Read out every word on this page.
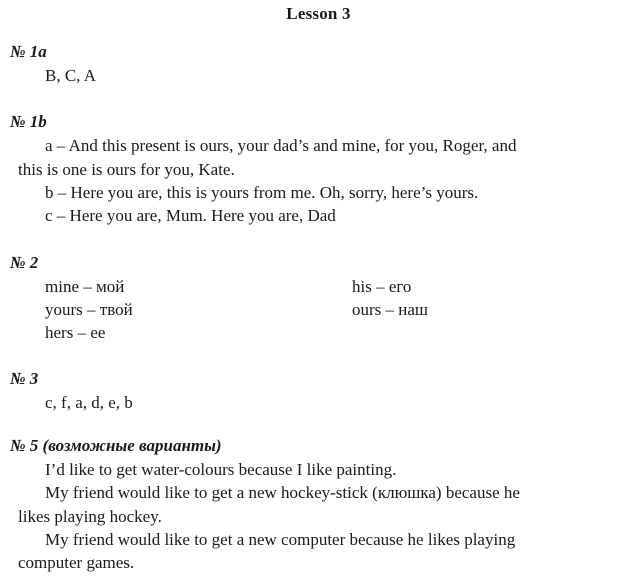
Lesson 3
№ 1a
B, C, A
№ 1b
a – And this present is ours, your dad’s and mine, for you, Roger, and
this is one is ours for you, Kate.
b – Here you are, this is yours from me. Oh, sorry, here’s yours.
c – Here you are, Mum. Here you are, Dad
№ 2
mine – мой
yours – твой
hers – ее
his – его
ours – наш
№ 3
c, f, a, d, e, b
№ 5 (возможные варианты)
I’d like to get water-colours because I like painting.
My friend would like to get a new hockey-stick (клюшка) because he
likes playing hockey.
My friend would like to get a new computer because he likes playing
computer games.
